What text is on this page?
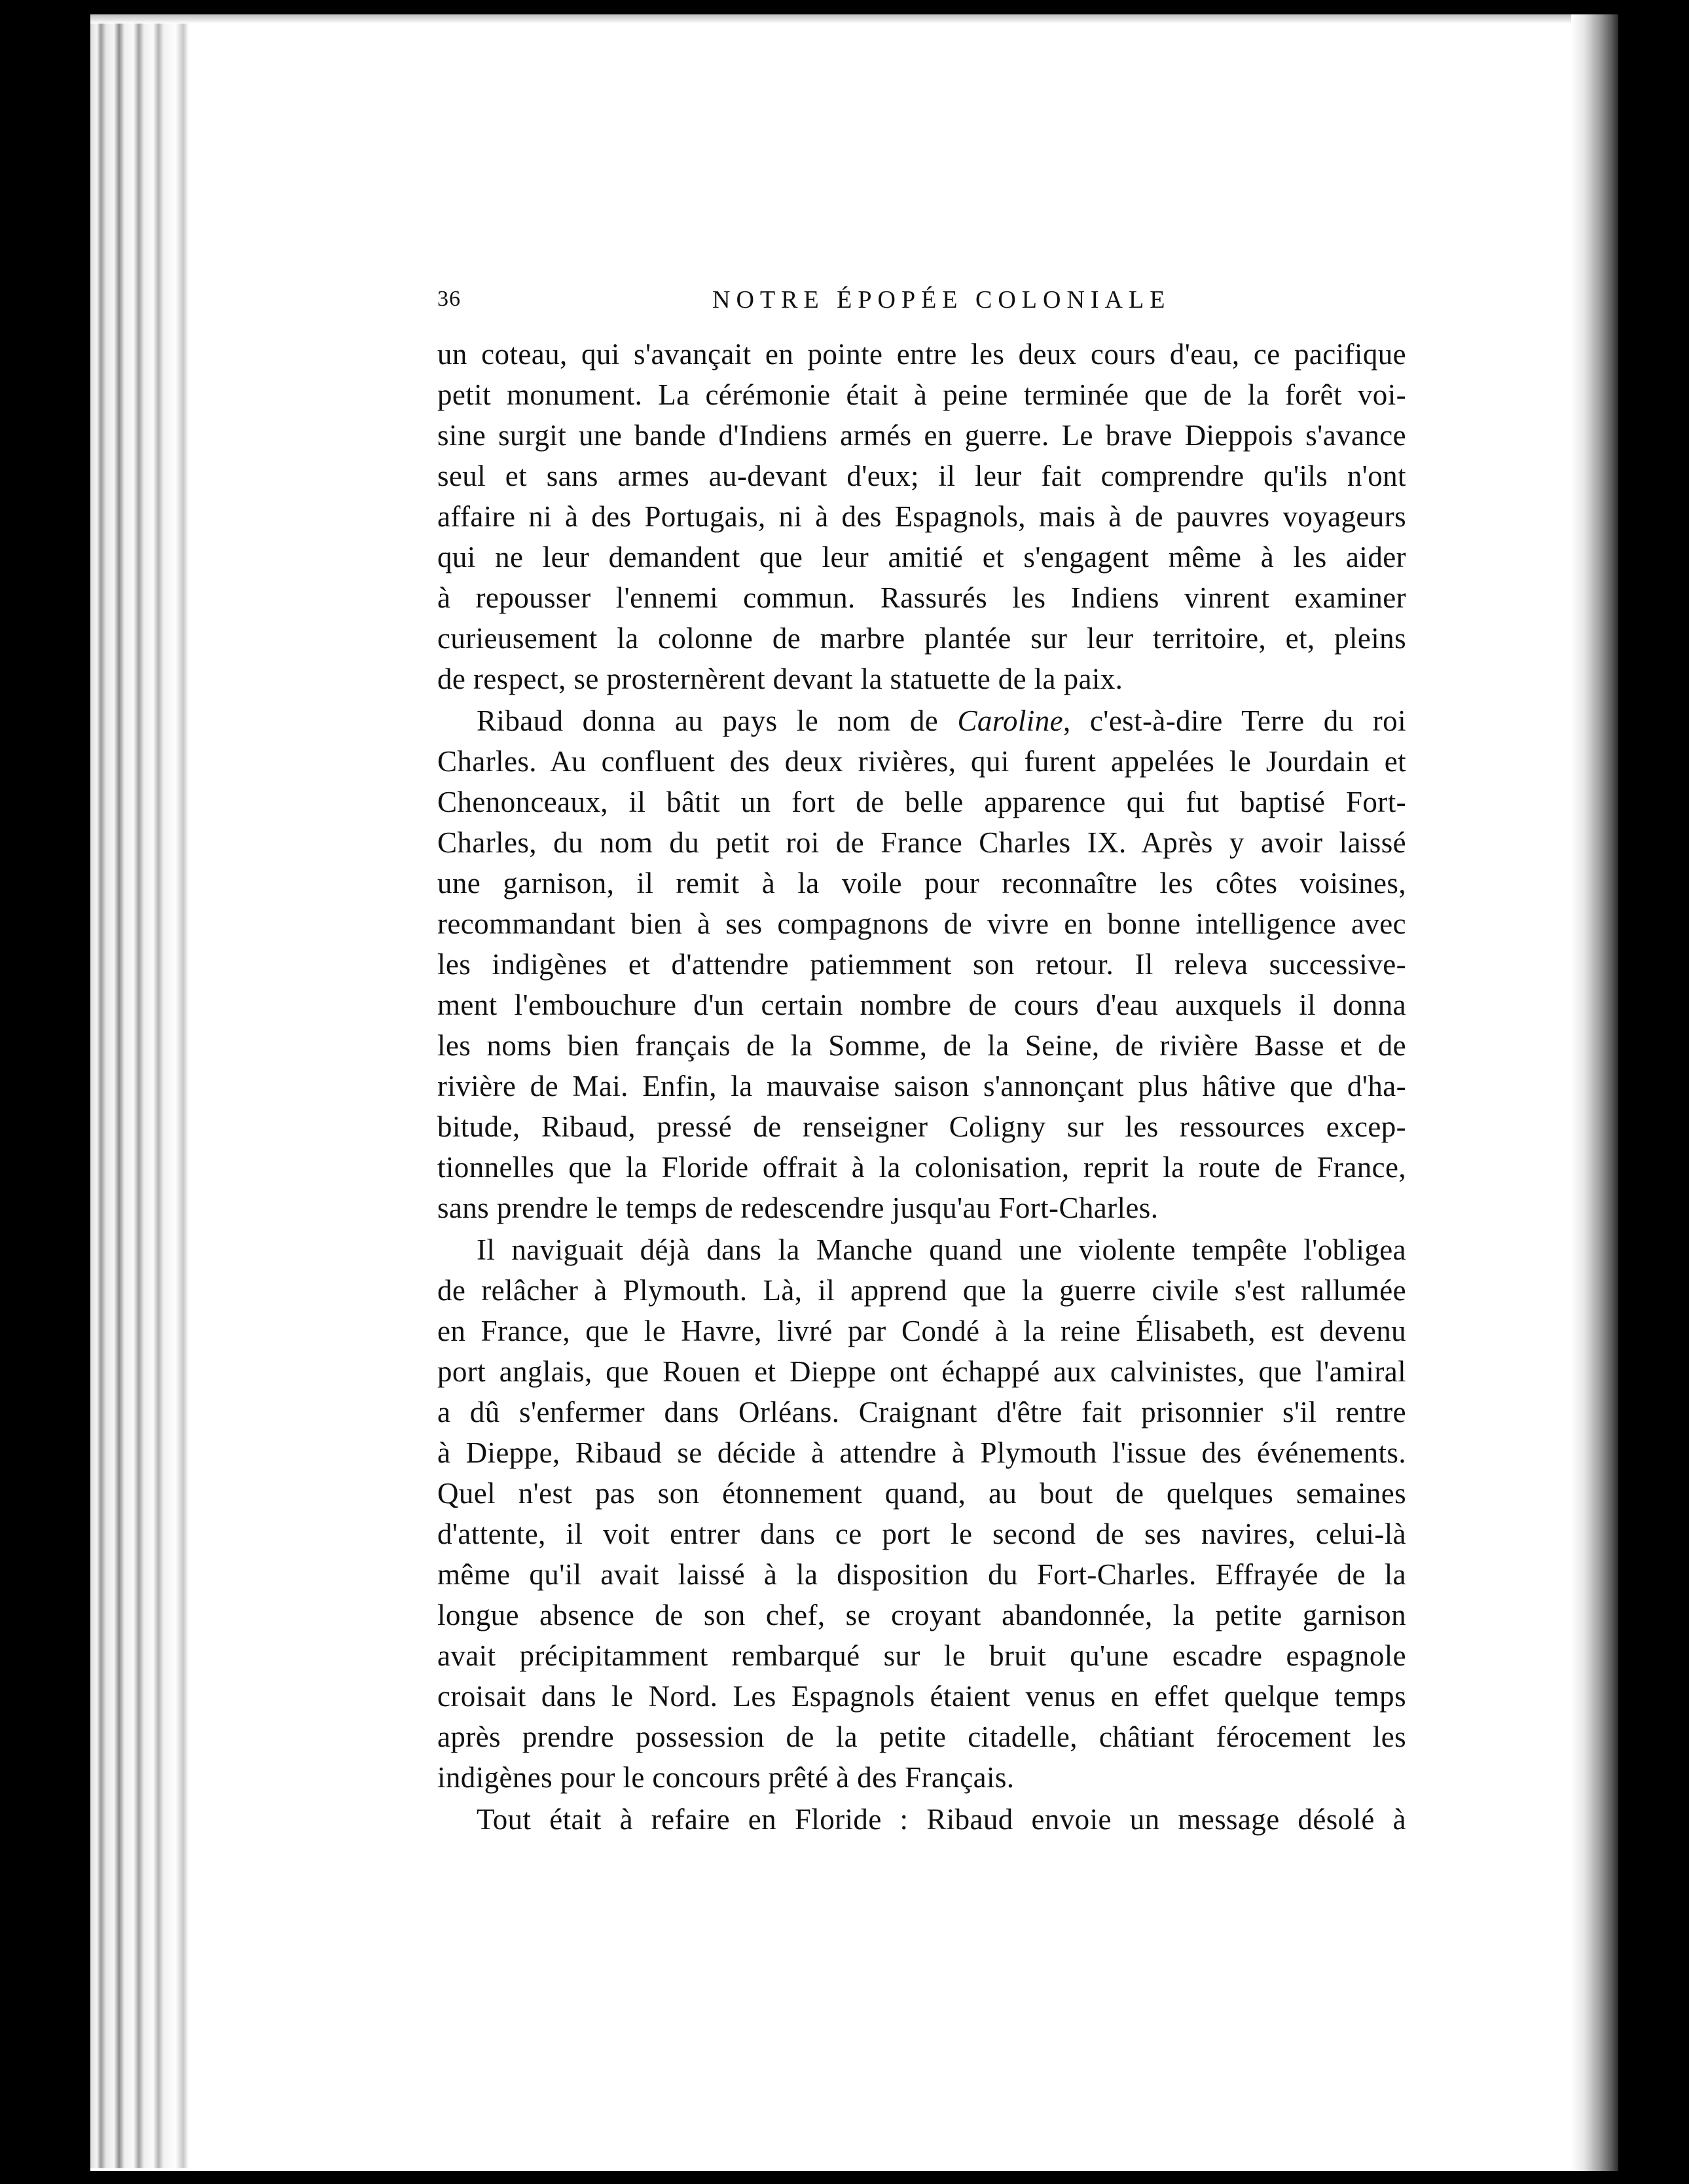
36	NOTRE ÉPOPÉE COLONIALE
un coteau, qui s'avançait en pointe entre les deux cours d'eau, ce pacifique
petit monument. La cérémonie était à peine terminée que de la forêt voi-
sine surgit une bande d'Indiens armés en guerre. Le brave Dieppois s'avance
seul et sans armes au-devant d'eux; il leur fait comprendre qu'ils n'ont
affaire ni à des Portugais, ni à des Espagnols, mais à de pauvres voyageurs
qui ne leur demandent que leur amitié et s'engagent même à les aider
à repousser l'ennemi commun. Rassurés les Indiens vinrent examiner
curieusement la colonne de marbre plantée sur leur territoire, et, pleins
de respect, se prosternèrent devant la statuette de la paix.
Ribaud donna au pays le nom de Caroline, c'est-à-dire Terre du roi
Charles. Au confluent des deux rivières, qui furent appelées le Jourdain et
Chenonceaux, il bâtit un fort de belle apparence qui fut baptisé Fort-
Charles, du nom du petit roi de France Charles IX. Après y avoir laissé
une garnison, il remit à la voile pour reconnaître les côtes voisines,
recommandant bien à ses compagnons de vivre en bonne intelligence avec
les indigènes et d'attendre patiemment son retour. Il releva successive-
ment l'embouchure d'un certain nombre de cours d'eau auxquels il donna
les noms bien français de la Somme, de la Seine, de rivière Basse et de
rivière de Mai. Enfin, la mauvaise saison s'annonçant plus hâtive que d'ha-
bitude, Ribaud, pressé de renseigner Coligny sur les ressources excep-
tionnelles que la Floride offrait à la colonisation, reprit la route de France,
sans prendre le temps de redescendre jusqu'au Fort-Charles.
Il naviguait déjà dans la Manche quand une violente tempête l'obligea
de relâcher à Plymouth. Là, il apprend que la guerre civile s'est rallumée
en France, que le Havre, livré par Condé à la reine Élisabeth, est devenu
port anglais, que Rouen et Dieppe ont échappé aux calvinistes, que l'amiral
a dû s'enfermer dans Orléans. Craignant d'être fait prisonnier s'il rentre
à Dieppe, Ribaud se décide à attendre à Plymouth l'issue des événements.
Quel n'est pas son étonnement quand, au bout de quelques semaines
d'attente, il voit entrer dans ce port le second de ses navires, celui-là
même qu'il avait laissé à la disposition du Fort-Charles. Effrayée de la
longue absence de son chef, se croyant abandonnée, la petite garnison
avait précipitamment rembarqué sur le bruit qu'une escadre espagnole
croisait dans le Nord. Les Espagnols étaient venus en effet quelque temps
après prendre possession de la petite citadelle, châtiant férocement les
indigènes pour le concours prêté à des Français.
Tout était à refaire en Floride : Ribaud envoie un message désolé à
